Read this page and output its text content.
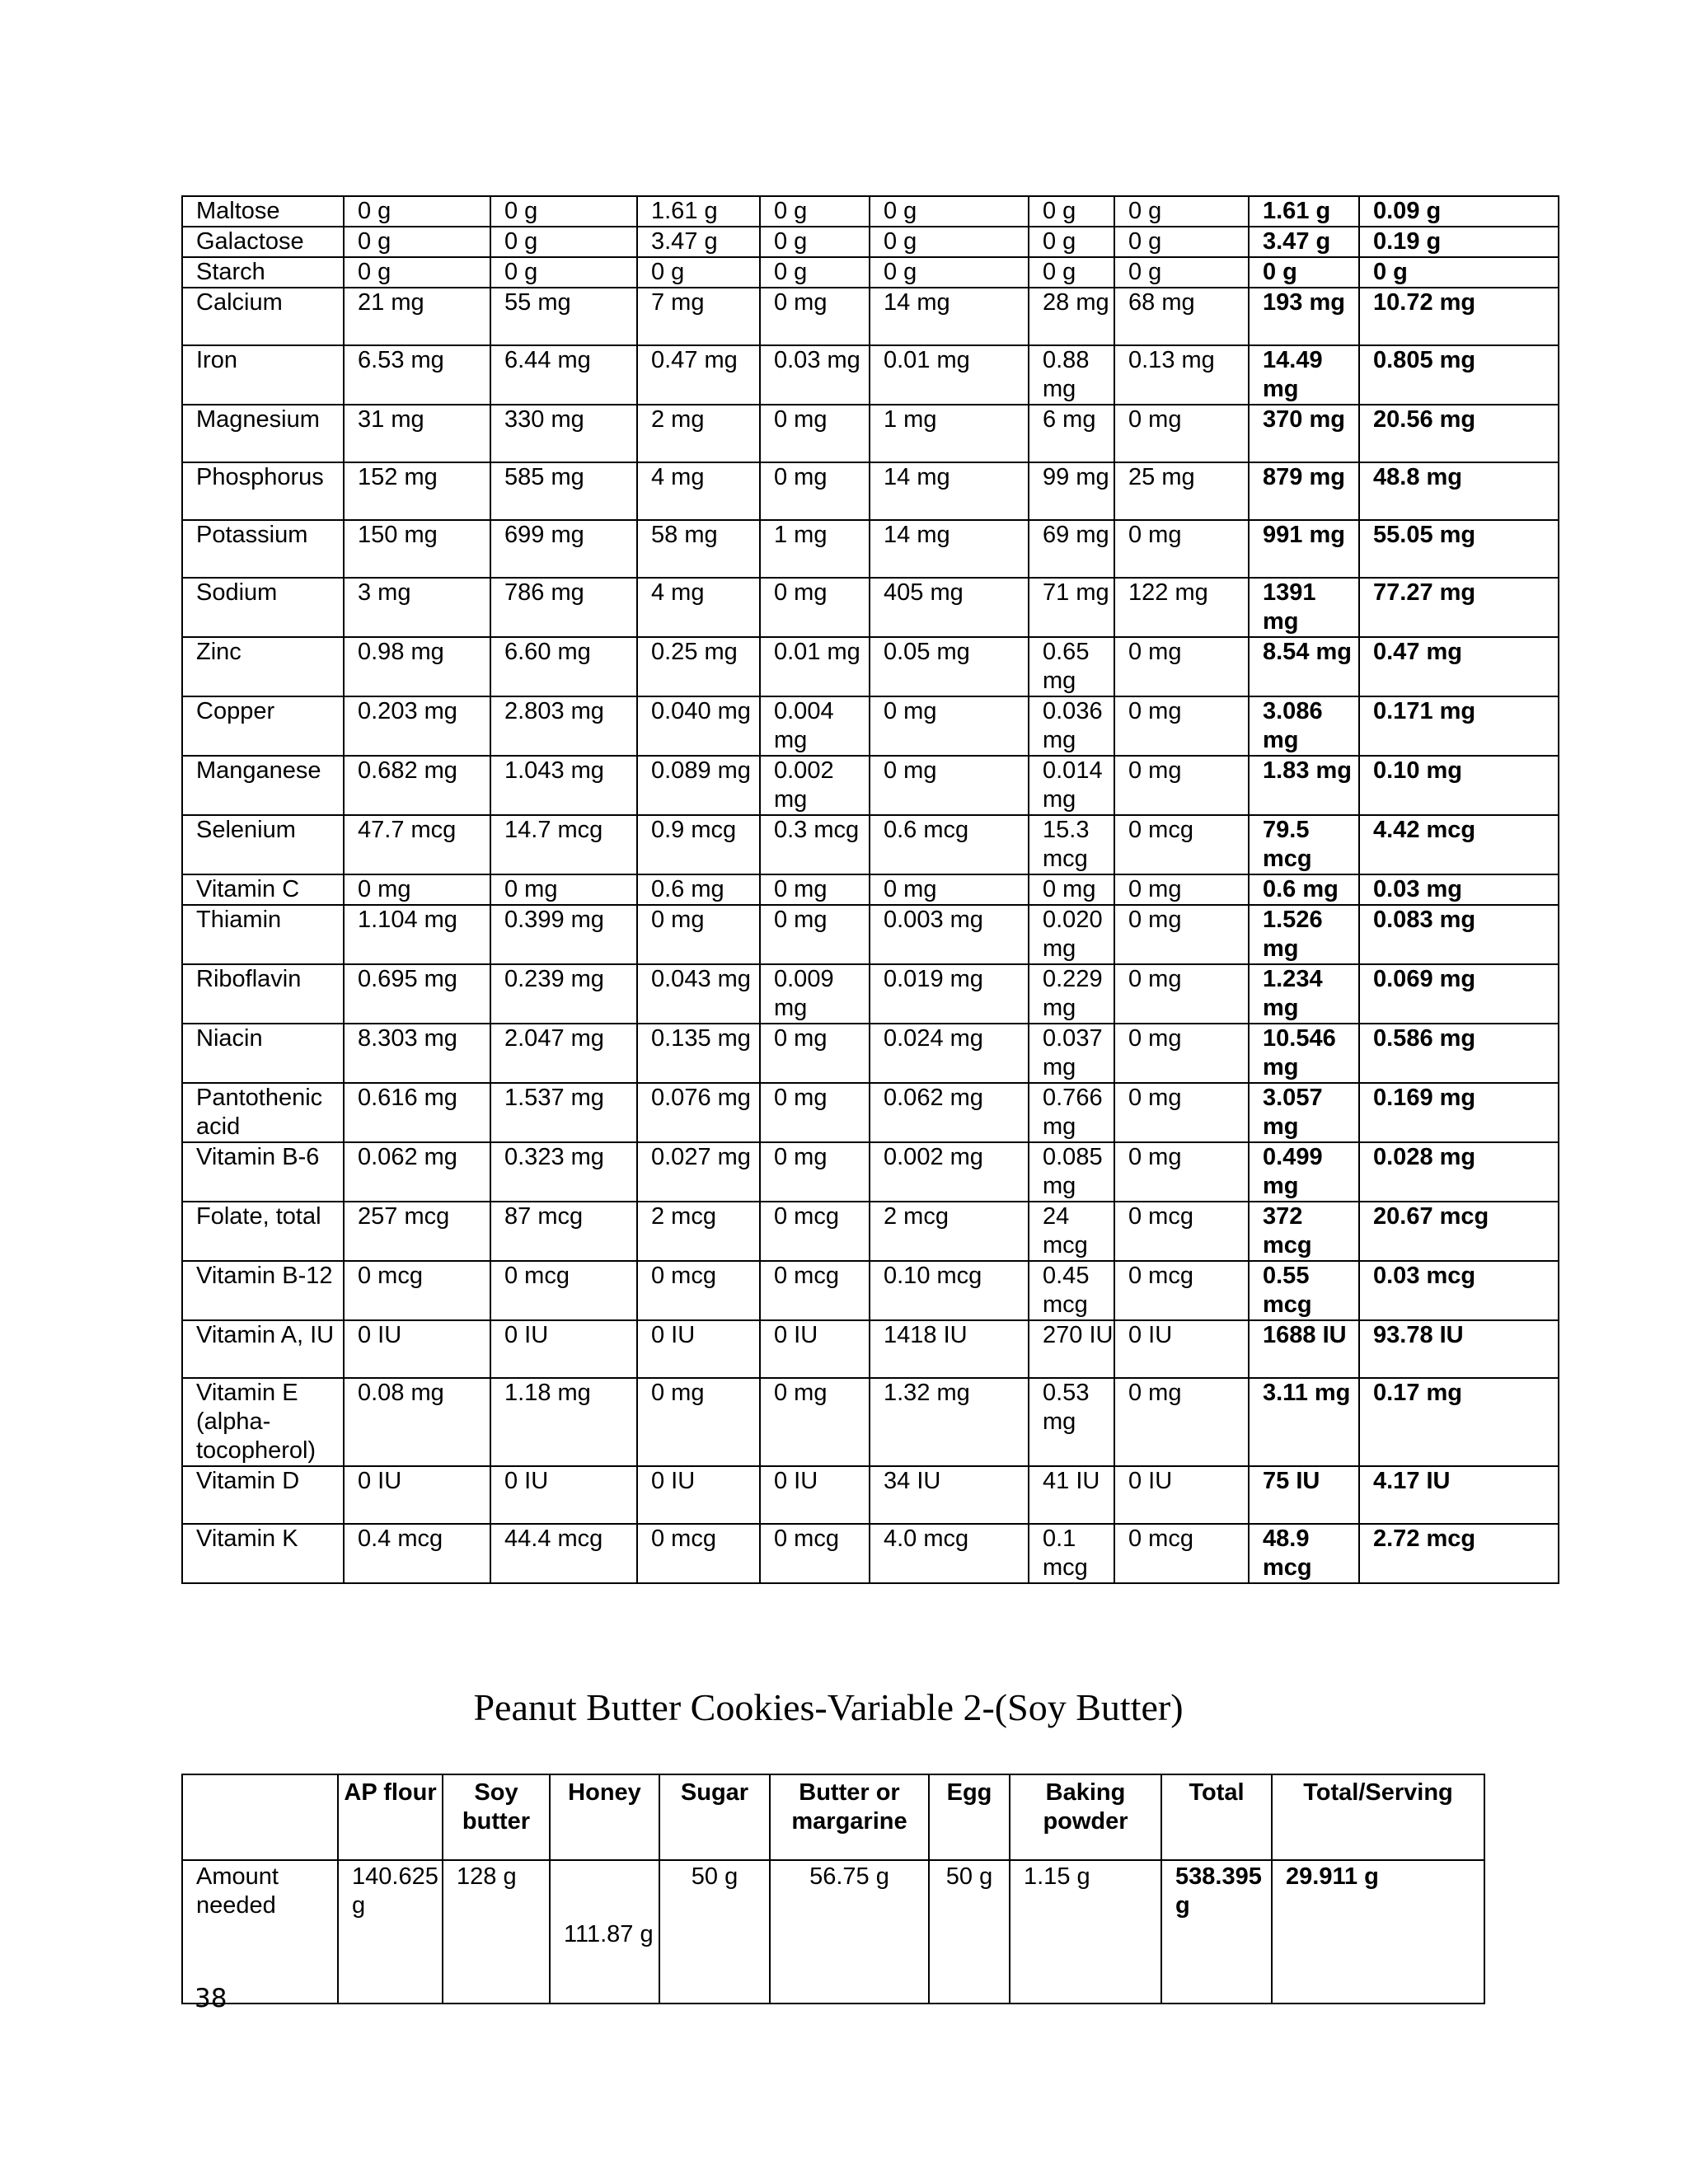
Maltose	0 g	0 g	1.61 g	0 g	0 g	0 g	0 g	1.61 g	0.09 g
Galactose	0 g	0 g	3.47 g	0 g	0 g	0 g	0 g	3.47 g	0.19 g
Starch	0 g	0 g	0 g	0 g	0 g	0 g	0 g	0 g	0 g
Calcium	21 mg	55 mg	7 mg	0 mg	14 mg	28 mg	68 mg	193 mg	10.72 mg
Iron	6.53 mg	6.44 mg	0.47 mg	0.03 mg	0.01 mg	0.88 mg	0.13 mg	14.49 mg	0.805 mg
Magnesium	31 mg	330 mg	2 mg	0 mg	1 mg	6 mg	0 mg	370 mg	20.56 mg
Phosphorus	152 mg	585 mg	4 mg	0 mg	14 mg	99 mg	25 mg	879 mg	48.8 mg
Potassium	150 mg	699 mg	58 mg	1 mg	14 mg	69 mg	0 mg	991 mg	55.05 mg
Sodium	3 mg	786 mg	4 mg	0 mg	405 mg	71 mg	122 mg	1391 mg	77.27 mg
Zinc	0.98 mg	6.60 mg	0.25 mg	0.01 mg	0.05 mg	0.65 mg	0 mg	8.54 mg	0.47 mg
Copper	0.203 mg	2.803 mg	0.040 mg	0.004 mg	0 mg	0.036 mg	0 mg	3.086 mg	0.171 mg
Manganese	0.682 mg	1.043 mg	0.089 mg	0.002 mg	0 mg	0.014 mg	0 mg	1.83 mg	0.10 mg
Selenium	47.7 mcg	14.7 mcg	0.9 mcg	0.3 mcg	0.6 mcg	15.3 mcg	0 mcg	79.5 mcg	4.42 mcg
Vitamin C	0 mg	0 mg	0.6 mg	0 mg	0 mg	0 mg	0 mg	0.6 mg	0.03 mg
Thiamin	1.104 mg	0.399 mg	0 mg	0 mg	0.003 mg	0.020 mg	0 mg	1.526 mg	0.083 mg
Riboflavin	0.695 mg	0.239 mg	0.043 mg	0.009 mg	0.019 mg	0.229 mg	0 mg	1.234 mg	0.069 mg
Niacin	8.303 mg	2.047 mg	0.135 mg	0 mg	0.024 mg	0.037 mg	0 mg	10.546 mg	0.586 mg
Pantothenic acid	0.616 mg	1.537 mg	0.076 mg	0 mg	0.062 mg	0.766 mg	0 mg	3.057 mg	0.169 mg
Vitamin B-6	0.062 mg	0.323 mg	0.027 mg	0 mg	0.002 mg	0.085 mg	0 mg	0.499 mg	0.028 mg
Folate, total	257 mcg	87 mcg	2 mcg	0 mcg	2 mcg	24 mcg	0 mcg	372 mcg	20.67 mcg
Vitamin B-12	0 mcg	0 mcg	0 mcg	0 mcg	0.10 mcg	0.45 mcg	0 mcg	0.55 mcg	0.03 mcg
Vitamin A, IU	0 IU	0 IU	0 IU	0 IU	1418 IU	270 IU	0 IU	1688 IU	93.78 IU
Vitamin E (alpha-tocopherol)	0.08 mg	1.18 mg	0 mg	0 mg	1.32 mg	0.53 mg	0 mg	3.11 mg	0.17 mg
Vitamin D	0 IU	0 IU	0 IU	0 IU	34 IU	41 IU	0 IU	75 IU	4.17 IU
Vitamin K	0.4 mcg	44.4 mcg	0 mcg	0 mcg	4.0 mcg	0.1 mcg	0 mcg	48.9 mcg	2.72 mcg
Peanut Butter Cookies-Variable 2-(Soy Butter)
	AP flour	Soy butter	Honey	Sugar	Butter or margarine	Egg	Baking powder	Total	Total/Serving
Amount needed	140.625g	128 g	111.87 g	50 g	56.75 g	50 g	1.15 g	538.395 g	29.911 g
38
